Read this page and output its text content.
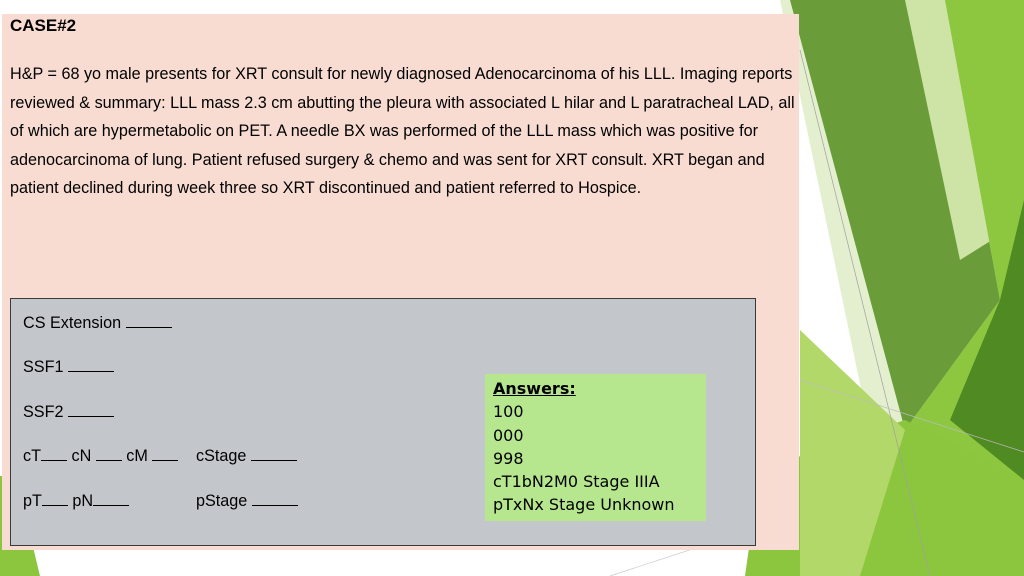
CASE#2

H&P = 68 yo male presents for XRT consult for newly diagnosed Adenocarcinoma of his LLL. Imaging reports reviewed & summary: LLL mass 2.3 cm abutting the pleura with associated L hilar and L paratracheal LAD, all of which are hypermetabolic on PET. A needle BX was performed of the LLL mass which was positive for adenocarcinoma of lung. Patient refused surgery & chemo and was sent for XRT consult. XRT began and patient declined during week three so XRT discontinued and patient referred to Hospice.

CS Extension
SSF1
SSF2
cT cN cM	cStage
pT pN	pStage
Answers:
100
000
998
cT1bN2M0 Stage IIIA
pTxNx Stage Unknown
